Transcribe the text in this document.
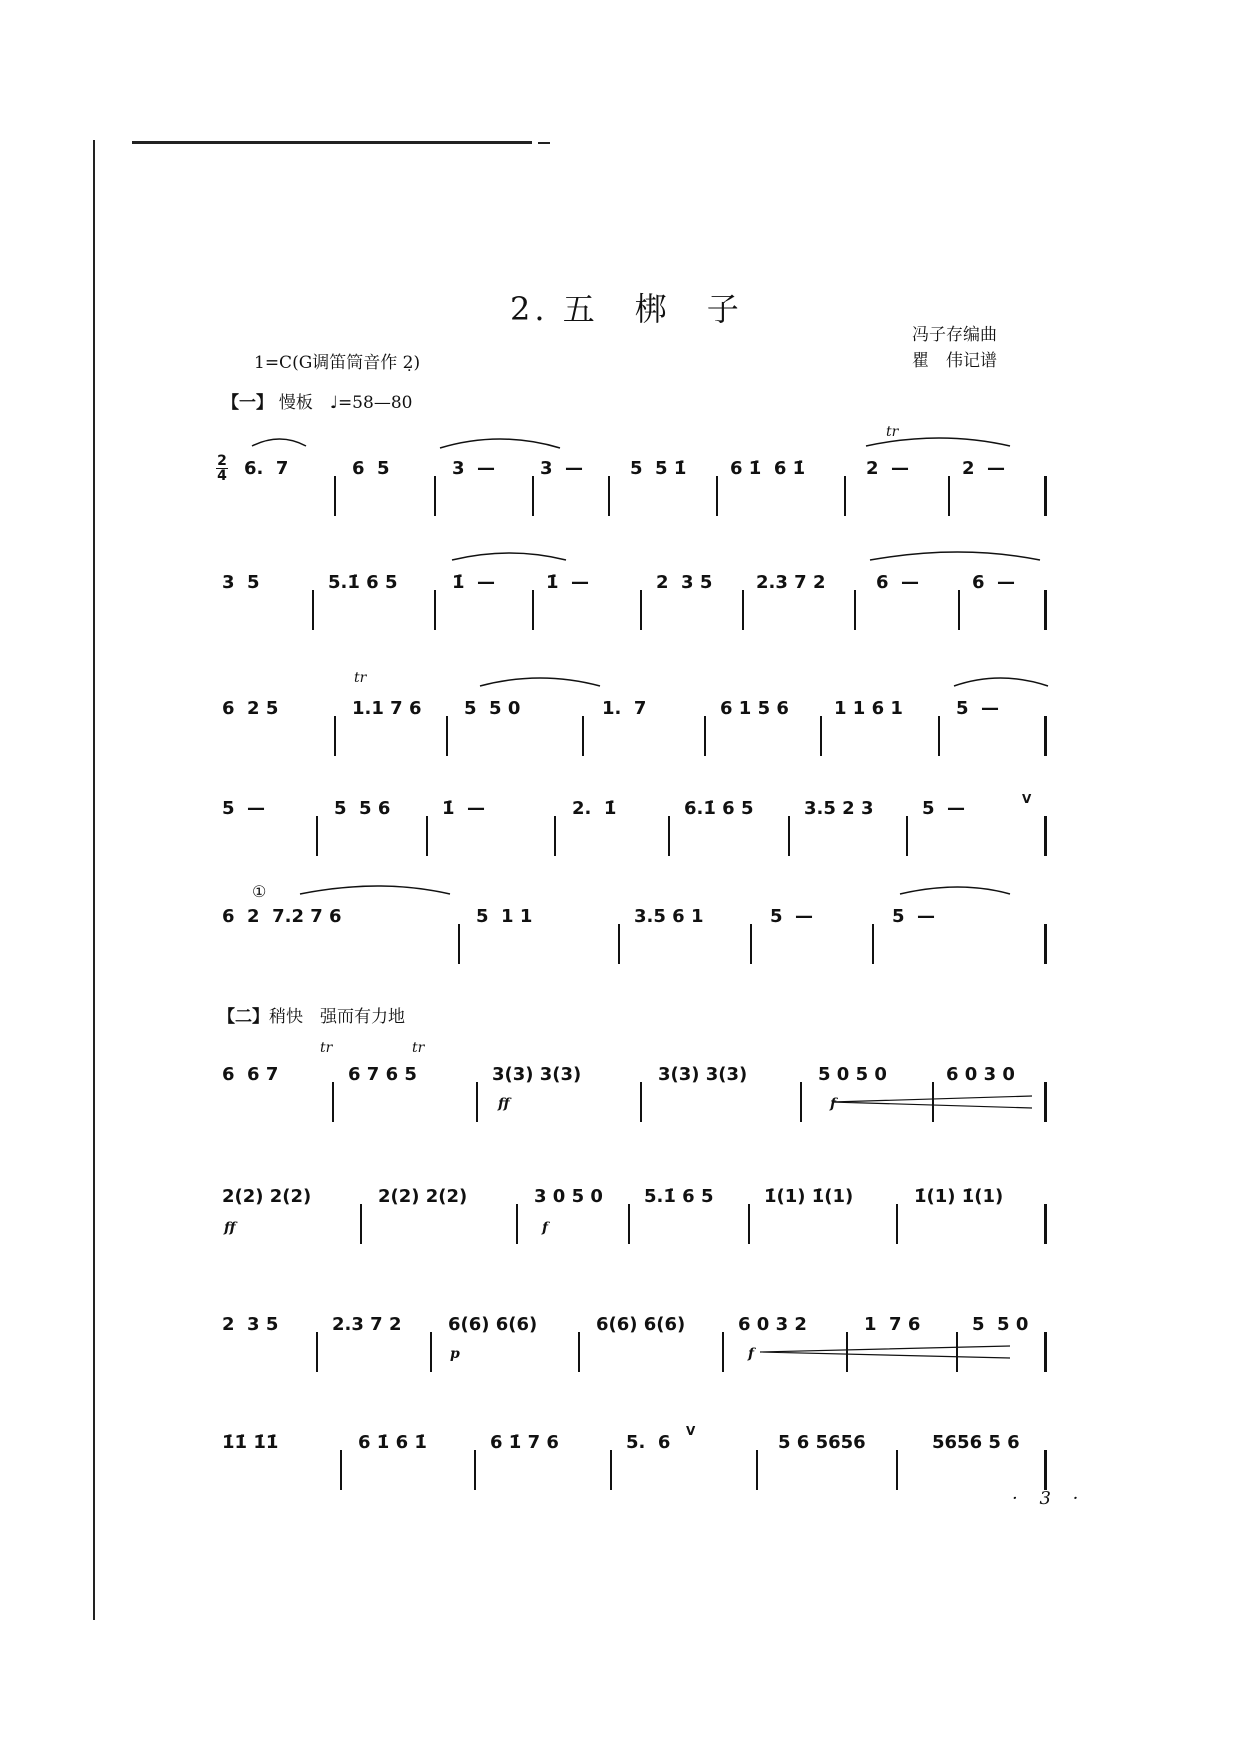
2. 五　梆　子
冯子存编曲
瞿　伟记谱
1=C(G调笛筒音作 2̣)
【一】 慢板　 ♩=58—80
2
4

6.  7

	6  5

	3  —

3  —

	5  5 1̇

6 1̇  6 1̇

	2  —

	2  —

tr

3  5

	5.1̇ 6 5

	1̇  —

	1̇  —

	2  3 5

2.3 7 2

	6  —

	6  —

6  2 5

	1.1 7 6

5  5 0

	1.  7

	6 1 5 6

	1 1 6 1

	5  —

tr

5  —

	5  5 6

	1̇  —

	2.  1̇

	6.1̇ 6 5

	3.5 2 3

	5  —

	V

①

6  2  7.2 7 6

	5  1 1

	3.5 6 1

	5  —

	5  —

【二】稍快　强而有力地

6  6 7

	6 7 6 5

	3(3) 3(3)

	3(3) 3(3)

	5 0 5 0

	6 0 3 0

tr	tr
ff	f

2(2) 2(2)

	2(2) 2(2)

	3 0 5 0

5.1̇ 6 5

	1̇(1) 1̇(1)

	1̇(1) 1̇(1)

ff	f

2  3 5

	2.3 7 2

	6(6) 6(6)

	6(6) 6(6)

	6 0 3 2

	1  7 6

	5  5 0

p	f

1̇1̇ 1̇1̇

	6 1̇ 6 1̇

	6 1̇ 7 6

	5.  6

V

5 6 5656

	5656 5 6

· 3 ·
